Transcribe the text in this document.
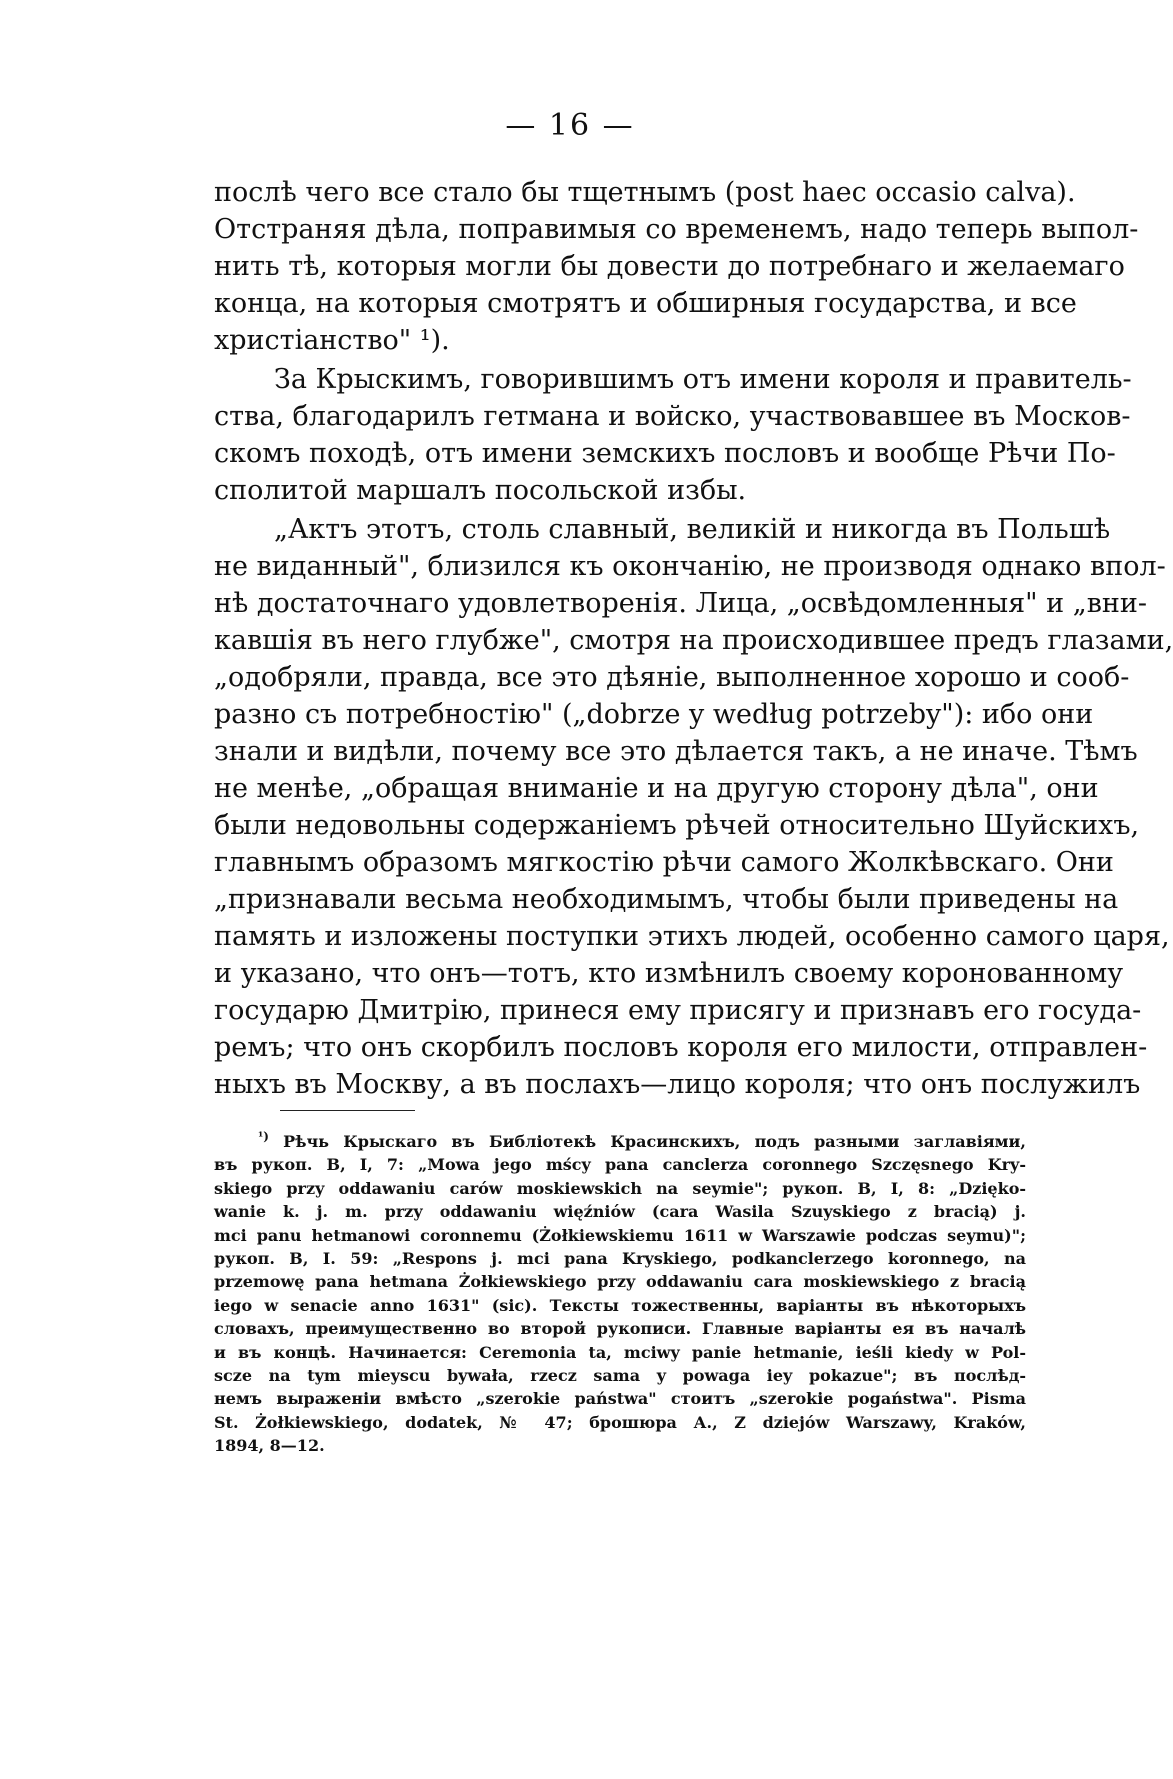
— 16 —
послѣ чего все стало бы тщетнымъ (post haec occasio calva).
Отстраняя дѣла, поправимыя со временемъ, надо теперь выпол-
нить тѣ, которыя могли бы довести до потребнаго и желаемаго
конца, на которыя смотрятъ и обширныя государства, и все
христіанство" ¹).
За Крыскимъ, говорившимъ отъ имени короля и правитель-
ства, благодарилъ гетмана и войско, участвовавшее въ Москов-
скомъ походѣ, отъ имени земскихъ пословъ и вообще Рѣчи По-
сполитой маршалъ посольской избы.
„Актъ этотъ, столь славный, великій и никогда въ Польшѣ
не виданный", близился къ окончанію, не производя однако впол-
нѣ достаточнаго удовлетворенія. Лица, „освѣдомленныя" и „вни-
кавшія въ него глубже", смотря на происходившее предъ глазами,
„одобряли, правда, все это дѣяніе, выполненное хорошо и сооб-
разно съ потребностію" („dobrze y według potrzeby"): ибо они
знали и видѣли, почему все это дѣлается такъ, а не иначе. Тѣмъ
не менѣе, „обращая вниманіе и на другую сторону дѣла", они
были недовольны содержаніемъ рѣчей относительно Шуйскихъ,
главнымъ образомъ мягкостію рѣчи самого Жолкѣвскаго. Они
„признавали весьма необходимымъ, чтобы были приведены на
память и изложены поступки этихъ людей, особенно самого царя,
и указано, что онъ—тотъ, кто измѣнилъ своему коронованному
государю Дмитрію, принеся ему присягу и признавъ его госуда-
ремъ; что онъ скорбилъ пословъ короля его милости, отправлен-
ныхъ въ Москву, а въ послахъ—лицо короля; что онъ послужилъ
$^{^1)}$ Рѣчь Крыскаго въ Библіотекѣ Красинскихъ, подъ разными заглавіями,
въ рукоп. B, I, 7: „Mowa jego mścy pana canclerza coronnego Szczęsnego Kry-
skiego przy oddawaniu carów moskiewskich na seymie"; рукоп. B, I, 8: „Dzięko-
wanie k. j. m. przy oddawaniu więźniów (cara Wasila Szuyskiego z bracią) j.
mci panu hetmanowi coronnemu (Żołkiewskiemu 1611 w Warszawie podczas seymu)";
рукоп. B, I. 59: „Respons j. mci pana Kryskiego, podkanclerzego koronnego, na
przemowę pana hetmana Żołkiewskiego przy oddawaniu cara moskiewskiego z bracią
iego w senacie anno 1631" (sic). Тексты тожественны, варіанты въ нѣкоторыхъ
словахъ, преимущественно во второй рукописи. Главные варіанты ея въ началѣ
и въ концѣ. Начинается: Ceremonia ta, mciwy panie hetmanie, ieśli kiedy w Pol-
scze na tym mieyscu bywała, rzecz sama y powaga iey pokazue"; въ послѣд-
немъ выраженіи вмѣсто „szerokie państwa" стоитъ „szerokie pogaństwa". Pisma
St. Żołkiewskiego, dodatek, № 47; брошюра А., Z dziejów Warszawy, Kraków,
1894, 8—12.
